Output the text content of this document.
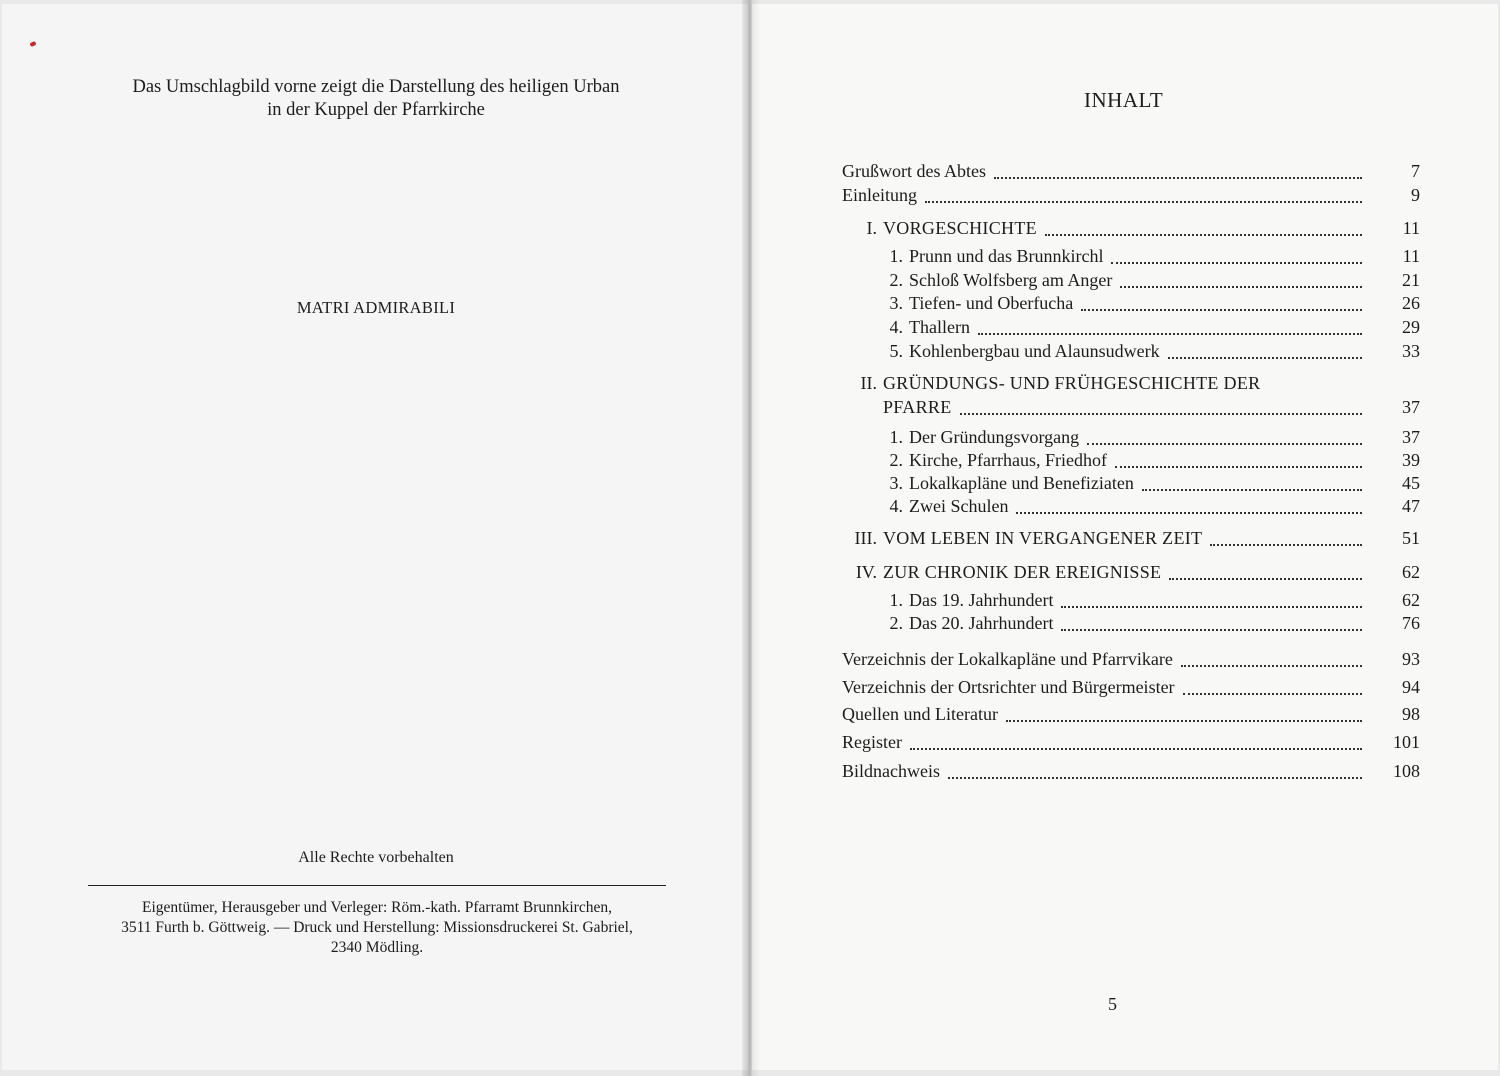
Das Umschlagbild vorne zeigt die Darstellung des heiligen Urban
in der Kuppel der Pfarrkirche
MATRI ADMIRABILI
Alle Rechte vorbehalten
Eigentümer, Herausgeber und Verleger: Röm.-kath. Pfarramt Brunnkirchen,
3511 Furth b. Göttweig. — Druck und Herstellung: Missionsdruckerei St. Gabriel,
2340 Mödling.
INHALT
Grußwort des Abtes	7
Einleitung	9
I. VORGESCHICHTE	11
1. Prunn und das Brunnkirchl	11
2. Schloß Wolfsberg am Anger	21
3. Tiefen- und Oberfucha	26
4. Thallern	29
5. Kohlenbergbau und Alaunsudwerk	33
II. GRÜNDUNGS- UND FRÜHGESCHICHTE DER
PFARRE	37
1. Der Gründungsvorgang	37
2. Kirche, Pfarrhaus, Friedhof	39
3. Lokalkapläne und Benefiziaten	45
4. Zwei Schulen	47
III. VOM LEBEN IN VERGANGENER ZEIT	51
IV. ZUR CHRONIK DER EREIGNISSE	62
1. Das 19. Jahrhundert	62
2. Das 20. Jahrhundert	76
Verzeichnis der Lokalkapläne und Pfarrvikare	93
Verzeichnis der Ortsrichter und Bürgermeister	94
Quellen und Literatur	98
Register	101
Bildnachweis	108
5
